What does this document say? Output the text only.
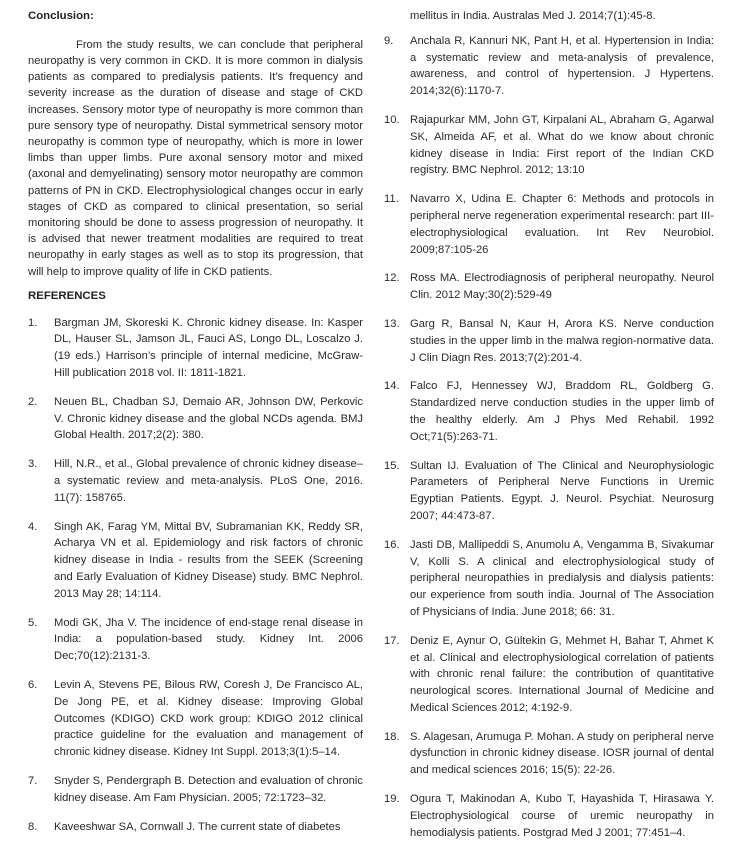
Conclusion:

From the study results, we can conclude that peripheral neuropathy is very common in CKD. It is more common in dialysis patients as compared to predialysis patients. It’s frequency and severity increase as the duration of disease and stage of CKD increases. Sensory motor type of neuropathy is more common than pure sensory type of neuropathy. Distal symmetrical sensory motor neuropathy is common type of neuropathy, which is more in lower limbs than upper limbs. Pure axonal sensory motor and mixed (axonal and demyelinating) sensory motor neuropathy are common patterns of PN in CKD. Electrophysiological changes occur in early stages of CKD as compared to clinical presentation, so serial monitoring should be done to assess progression of neuropathy. It is advised that newer treatment modalities are required to treat neuropathy in early stages as well as to stop its progression, that will help to improve quality of life in CKD patients.

REFERENCES
1.	Bargman JM, Skoreski K. Chronic kidney disease. In: Kasper DL, Hauser SL, Jamson JL, Fauci AS, Longo DL, Loscalzo J. (19 eds.) Harrison’s principle of internal medicine, McGraw-Hill publication 2018 vol. II: 1811-1821.
2.	Neuen BL, Chadban SJ, Demaio AR, Johnson DW, Perkovic V. Chronic kidney disease and the global NCDs agenda. BMJ Global Health. 2017;2(2): 380.
3.	Hill, N.R., et al., Global prevalence of chronic kidney disease–a systematic review and meta-analysis. PLoS One, 2016. 11(7): 158765.
4.	Singh AK, Farag YM, Mittal BV, Subramanian KK, Reddy SR, Acharya VN et al. Epidemiology and risk factors of chronic kidney disease in India - results from the SEEK (Screening and Early Evaluation of Kidney Disease) study. BMC Nephrol. 2013 May 28; 14:114.
5.	Modi GK, Jha V. The incidence of end-stage renal disease in India: a population-based study. Kidney Int. 2006 Dec;70(12):2131-3.
6.	Levin A, Stevens PE, Bilous RW, Coresh J, De Francisco AL, De Jong PE, et al. Kidney disease: Improving Global Outcomes (KDIGO) CKD work group: KDIGO 2012 clinical practice guideline for the evaluation and management of chronic kidney disease. Kidney Int Suppl. 2013;3(1):5–14.
7.	Snyder S, Pendergraph B. Detection and evaluation of chronic kidney disease. Am Fam Physician. 2005; 72:1723–32.
8.	Kaveeshwar SA, Cornwall J. The current state of diabetes
mellitus in India. Australas Med J. 2014;7(1):45-8.
9.	Anchala R, Kannuri NK, Pant H, et al. Hypertension in India: a systematic review and meta-analysis of prevalence, awareness, and control of hypertension. J Hypertens. 2014;32(6):1170-7.
10. Rajapurkar MM, John GT, Kirpalani AL, Abraham G, Agarwal SK, Almeida AF, et al. What do we know about chronic kidney disease in India: First report of the Indian CKD registry. BMC Nephrol. 2012; 13:10
11.	Navarro X, Udina E. Chapter 6: Methods and protocols in peripheral nerve regeneration experimental research: part III-electrophysiological evaluation. Int Rev Neurobiol. 2009;87:105-26
12. Ross MA. Electrodiagnosis of peripheral neuropathy. Neurol Clin. 2012 May;30(2):529-49
13. Garg R, Bansal N, Kaur H, Arora KS. Nerve conduction studies in the upper limb in the malwa region-normative data. J Clin Diagn Res. 2013;7(2):201-4.
14. Falco FJ, Hennessey WJ, Braddom RL, Goldberg G. Standardized nerve conduction studies in the upper limb of the healthy elderly. Am J Phys Med Rehabil. 1992 Oct;71(5):263-71.
15. Sultan IJ. Evaluation of The Clinical and Neurophysiologic Parameters of Peripheral Nerve Functions in Uremic Egyptian Patients. Egypt. J. Neurol. Psychiat. Neurosurg 2007; 44:473-87.
16. Jasti DB, Mallipeddi S, Anumolu A, Vengamma B, Sivakumar V, Kolli S. A clinical and electrophysiological study of peripheral neuropathies in predialysis and dialysis patients: our experience from south india. Journal of The Association of Physicians of India. June 2018; 66: 31.
17. Deniz E, Aynur O, Gültekin G, Mehmet H, Bahar T, Ahmet K et al. Clinical and electrophysiological correlation of patients with chronic renal failure: the contribution of quantitative neurological scores. International Journal of Medicine and Medical Sciences 2012; 4:192-9.
18. S. Alagesan, Arumuga P. Mohan. A study on peripheral nerve dysfunction in chronic kidney disease. IOSR journal of dental and medical sciences 2016; 15(5): 22-26.
19. Ogura T, Makinodan A, Kubo T, Hayashida T, Hirasawa Y. Electrophysiological course of uremic neuropathy in hemodialysis patients. Postgrad Med J 2001; 77:451–4.
